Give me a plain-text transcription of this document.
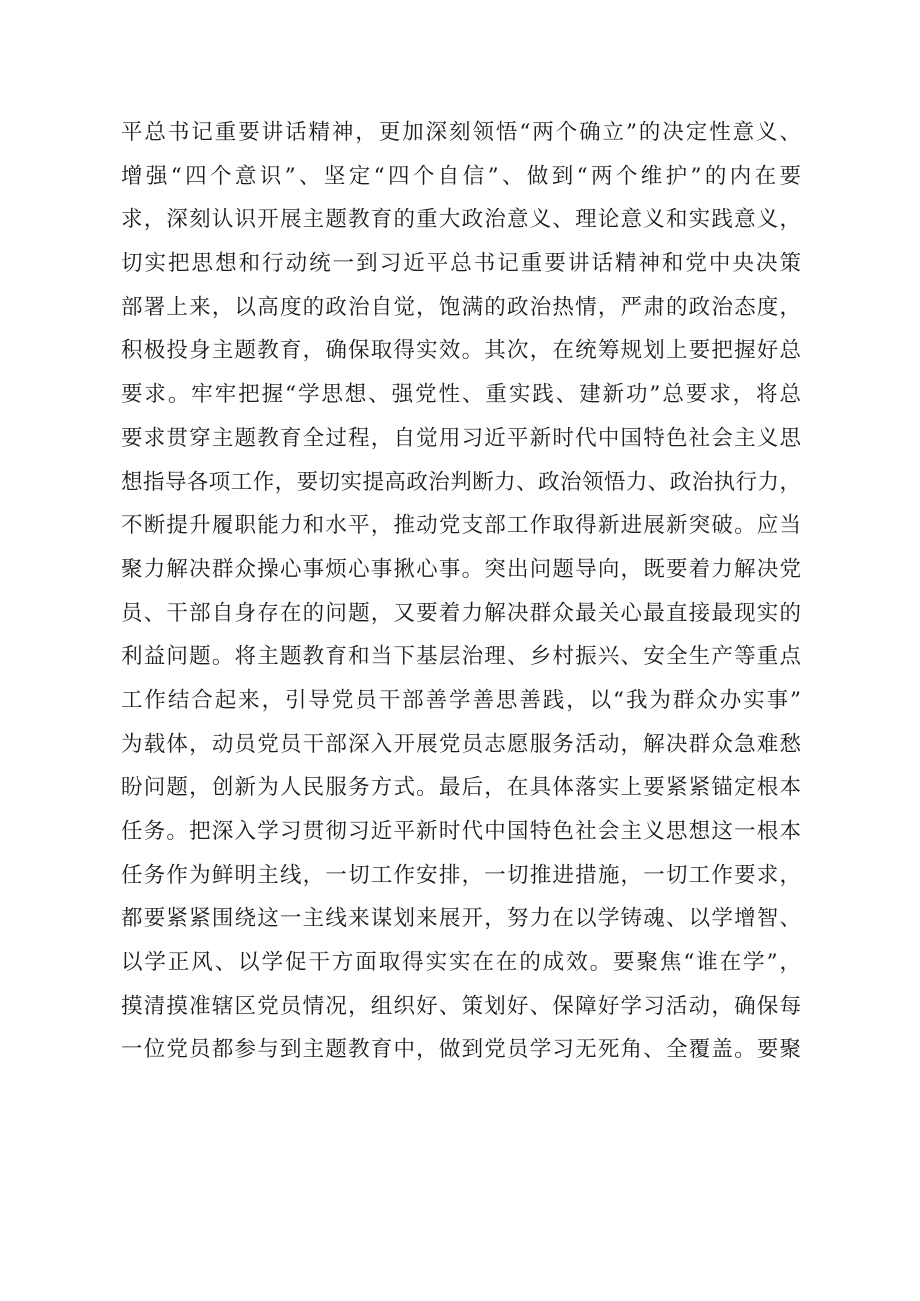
平总书记重要讲话精神，更加深刻领悟“两个确立”的决定性意义、
增强“四个意识”、坚定“四个自信”、做到“两个维护”的内在要
求，深刻认识开展主题教育的重大政治意义、理论意义和实践意义，
切实把思想和行动统一到习近平总书记重要讲话精神和党中央决策
部署上来，以高度的政治自觉，饱满的政治热情，严肃的政治态度，
积极投身主题教育，确保取得实效。其次，在统筹规划上要把握好总
要求。牢牢把握“学思想、强党性、重实践、建新功”总要求，将总
要求贯穿主题教育全过程，自觉用习近平新时代中国特色社会主义思
想指导各项工作，要切实提高政治判断力、政治领悟力、政治执行力，
不断提升履职能力和水平，推动党支部工作取得新进展新突破。应当
聚力解决群众操心事烦心事揪心事。突出问题导向，既要着力解决党
员、干部自身存在的问题，又要着力解决群众最关心最直接最现实的
利益问题。将主题教育和当下基层治理、乡村振兴、安全生产等重点
工作结合起来，引导党员干部善学善思善践，以“我为群众办实事”
为载体，动员党员干部深入开展党员志愿服务活动，解决群众急难愁
盼问题，创新为人民服务方式。最后，在具体落实上要紧紧锚定根本
任务。把深入学习贯彻习近平新时代中国特色社会主义思想这一根本
任务作为鲜明主线，一切工作安排，一切推进措施，一切工作要求，
都要紧紧围绕这一主线来谋划来展开，努力在以学铸魂、以学增智、
以学正风、以学促干方面取得实实在在的成效。要聚焦“谁在学”，
摸清摸准辖区党员情况，组织好、策划好、保障好学习活动，确保每
一位党员都参与到主题教育中，做到党员学习无死角、全覆盖。要聚
